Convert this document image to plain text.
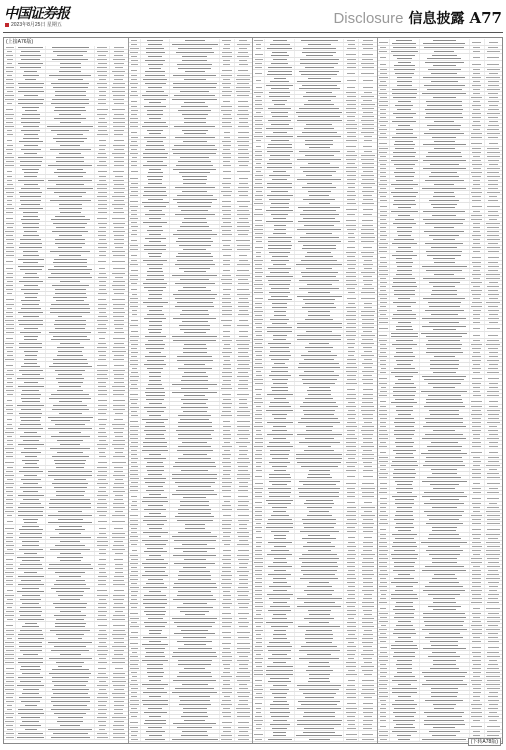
中国证券报
2023年8月25日 星期五	Disclosure 信息披露 A77
(上接A76版)
(下转A78版)
